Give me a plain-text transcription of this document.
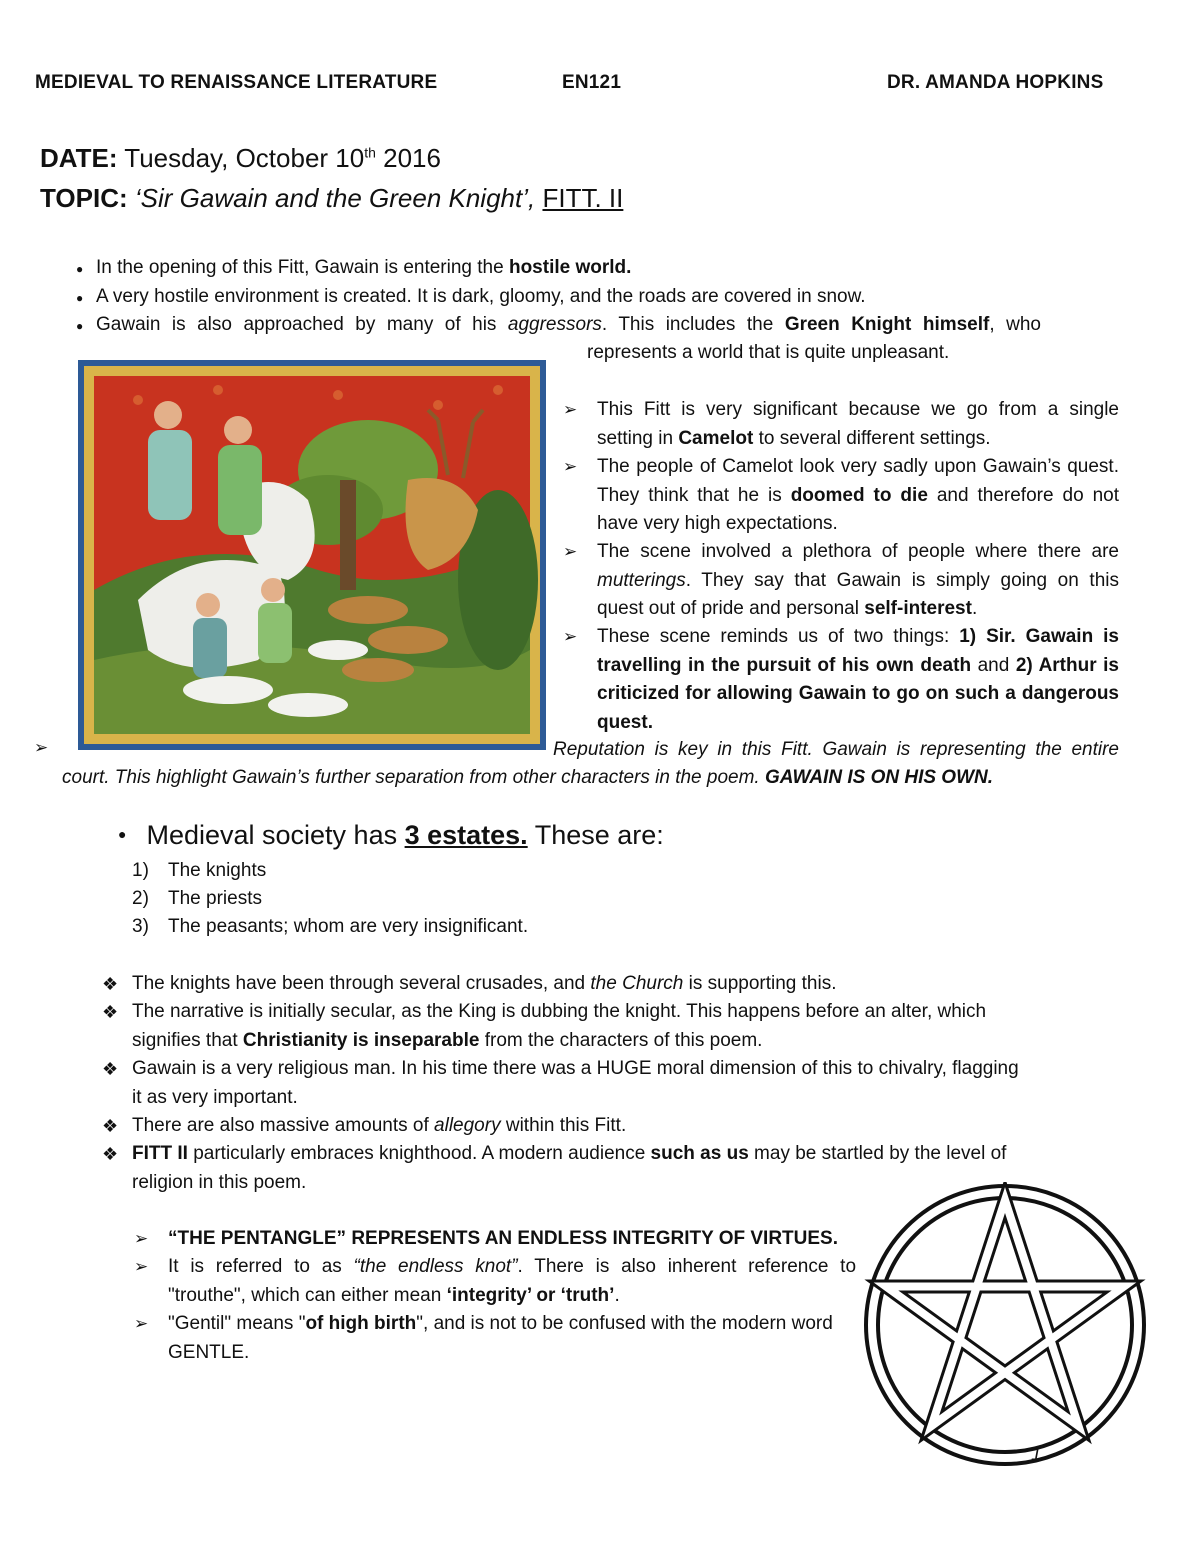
MEDIEVAL TO RENAISSANCE LITERATURE	EN121	DR. AMANDA HOPKINS
DATE: Tuesday, October 10th 2016
TOPIC: ‘Sir Gawain and the Green Knight’, FITT. II
● In the opening of this Fitt, Gawain is entering the hostile world.
● A very hostile environment is created. It is dark, gloomy, and the roads are covered in snow.
● Gawain is also approached by many of his aggressors. This includes the Green Knight himself, who
represents a world that is quite unpleasant.
➢ This Fitt is very significant because we go from a single setting in Camelot to several different settings.
➢ The people of Camelot look very sadly upon Gawain’s quest. They think that he is doomed to die and therefore do not have very high expectations.
➢ The scene involved a plethora of people where there are mutterings. They say that Gawain is simply going on this quest out of pride and personal self-interest.
➢ These scene reminds us of two things: 1) Sir. Gawain is travelling in the pursuit of his own death and 2) Arthur is criticized for allowing Gawain to go on such a dangerous quest.
➢	Reputation is key in this Fitt. Gawain is representing the entire
court. This highlight Gawain’s further separation from other characters in the poem. GAWAIN IS ON HIS OWN.
● Medieval society has 3 estates. These are:
1) The knights
2) The priests
3) The peasants; whom are very insignificant.
❖ The knights have been through several crusades, and the Church is supporting this.
❖ The narrative is initially secular, as the King is dubbing the knight. This happens before an alter, which
signifies that Christianity is inseparable from the characters of this poem.
❖ Gawain is a very religious man. In his time there was a HUGE moral dimension of this to chivalry, flagging
it as very important.
❖ There are also massive amounts of allegory within this Fitt.
❖ FITT II particularly embraces knighthood. A modern audience such as us may be startled by the level of
religion in this poem.
➢ “THE PENTANGLE” REPRESENTS AN ENDLESS INTEGRITY OF VIRTUES.
➢ It is referred to as “the endless knot”. There is also inherent reference to
"trouthe", which can either mean ‘integrity’ or ‘truth’.
➢ "Gentil" means "of high birth", and is not to be confused with the modern word
GENTLE.
1
